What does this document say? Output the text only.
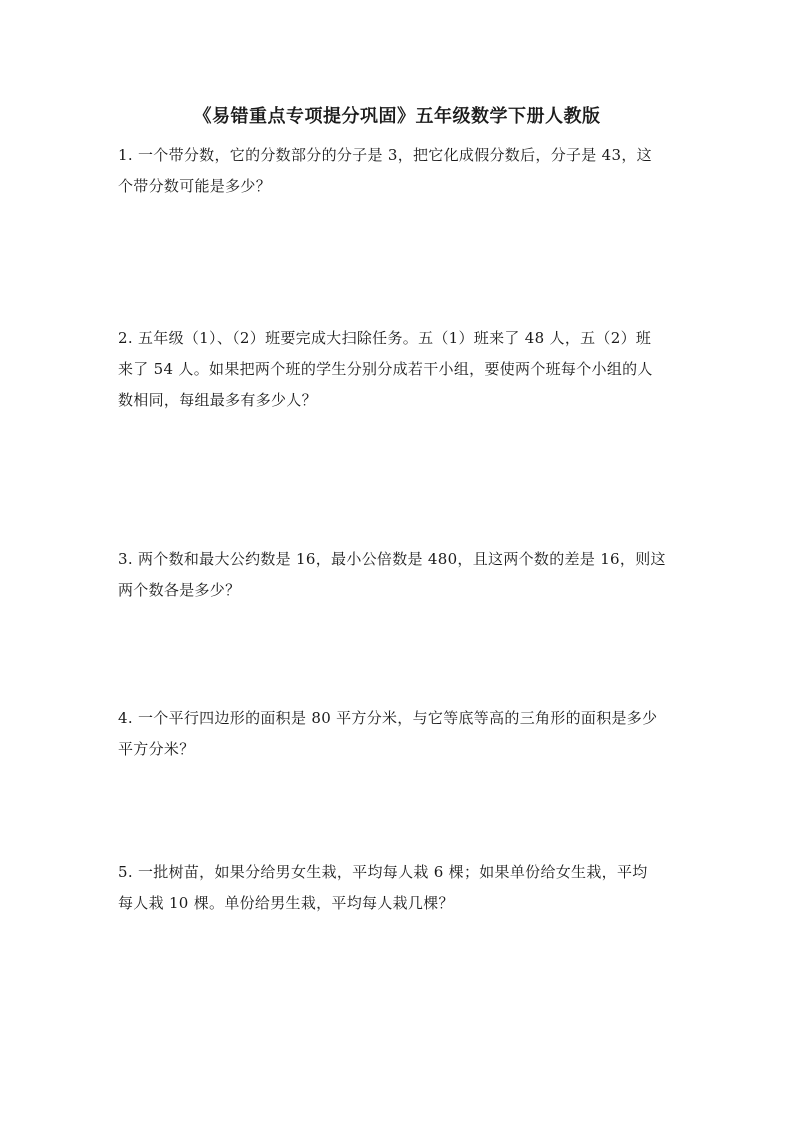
《易错重点专项提分巩固》五年级数学下册人教版

1. 一个带分数，它的分数部分的分子是 3，把它化成假分数后，分子是 43，这

个带分数可能是多少？

2. 五年级（1）、（2）班要完成大扫除任务。五（1）班来了 48 人，五（2）班

来了 54 人。如果把两个班的学生分别分成若干小组，要使两个班每个小组的人

数相同，每组最多有多少人？

3. 两个数和最大公约数是 16，最小公倍数是 480，且这两个数的差是 16，则这

两个数各是多少？

4. 一个平行四边形的面积是 80 平方分米，与它等底等高的三角形的面积是多少

平方分米？

5. 一批树苗，如果分给男女生栽，平均每人栽 6 棵；如果单份给女生栽，平均

每人栽 10 棵。单份给男生栽，平均每人栽几棵？
